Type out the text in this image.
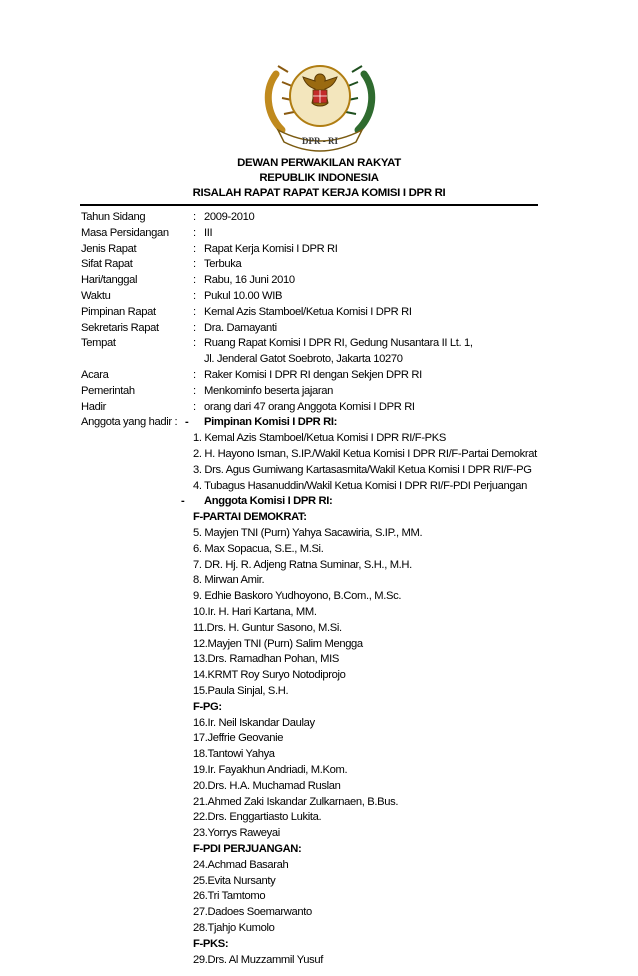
DPR - RI
DEWAN PERWAKILAN RAKYAT
REPUBLIK INDONESIA
RISALAH RAPAT RAPAT KERJA KOMISI I DPR RI
Tahun Sidang	: 2009-2010
Masa Persidangan : III
Jenis Rapat	: Rapat Kerja Komisi I DPR RI
Sifat Rapat	: Terbuka
Hari/tanggal	: Rabu, 16 Juni 2010
Waktu	: Pukul 10.00 WIB
Pimpinan Rapat	: Kemal Azis Stamboel/Ketua Komisi I DPR RI
Sekretaris Rapat	: Dra. Damayanti
Tempat	: Ruang Rapat Komisi I DPR RI, Gedung Nusantara II Lt. 1,
Jl. Jenderal Gatot Soebroto, Jakarta 10270
Acara	: Raker Komisi I DPR RI dengan Sekjen DPR RI
Pemerintah	: Menkominfo beserta jajaran
Hadir	: orang dari 47 orang Anggota Komisi I DPR RI
Anggota yang hadir : - Pimpinan Komisi I DPR RI:
1. Kemal Azis Stamboel/Ketua Komisi I DPR RI/F-PKS
2. H. Hayono Isman, S.IP./Wakil Ketua Komisi I DPR RI/F-Partai Demokrat
3. Drs. Agus Gumiwang Kartasasmita/Wakil Ketua Komisi I DPR RI/F-PG
4. Tubagus Hasanuddin/Wakil Ketua Komisi I DPR RI/F-PDI Perjuangan
- Anggota Komisi I DPR RI:
F-PARTAI DEMOKRAT:
5. Mayjen TNI (Purn) Yahya Sacawiria, S.IP., MM.
6. Max Sopacua, S.E., M.Si.
7. DR. Hj. R. Adjeng Ratna Suminar, S.H., M.H.
8. Mirwan Amir.
9. Edhie Baskoro Yudhoyono, B.Com., M.Sc.
10.Ir. H. Hari Kartana, MM.
11.Drs. H. Guntur Sasono, M.Si.
12.Mayjen TNI (Purn) Salim Mengga
13.Drs. Ramadhan Pohan, MIS
14.KRMT Roy Suryo Notodiprojo
15.Paula Sinjal, S.H.
F-PG:
16.Ir. Neil Iskandar Daulay
17.Jeffrie Geovanie
18.Tantowi Yahya
19.Ir. Fayakhun Andriadi, M.Kom.
20.Drs. H.A. Muchamad Ruslan
21.Ahmed Zaki Iskandar Zulkarnaen, B.Bus.
22.Drs. Enggartiasto Lukita.
23.Yorrys Raweyai
F-PDI PERJUANGAN:
24.Achmad Basarah
25.Evita Nursanty
26.Tri Tamtomo
27.Dadoes Soemarwanto
28.Tjahjo Kumolo
F-PKS:
29.Drs. Al Muzzammil Yusuf
